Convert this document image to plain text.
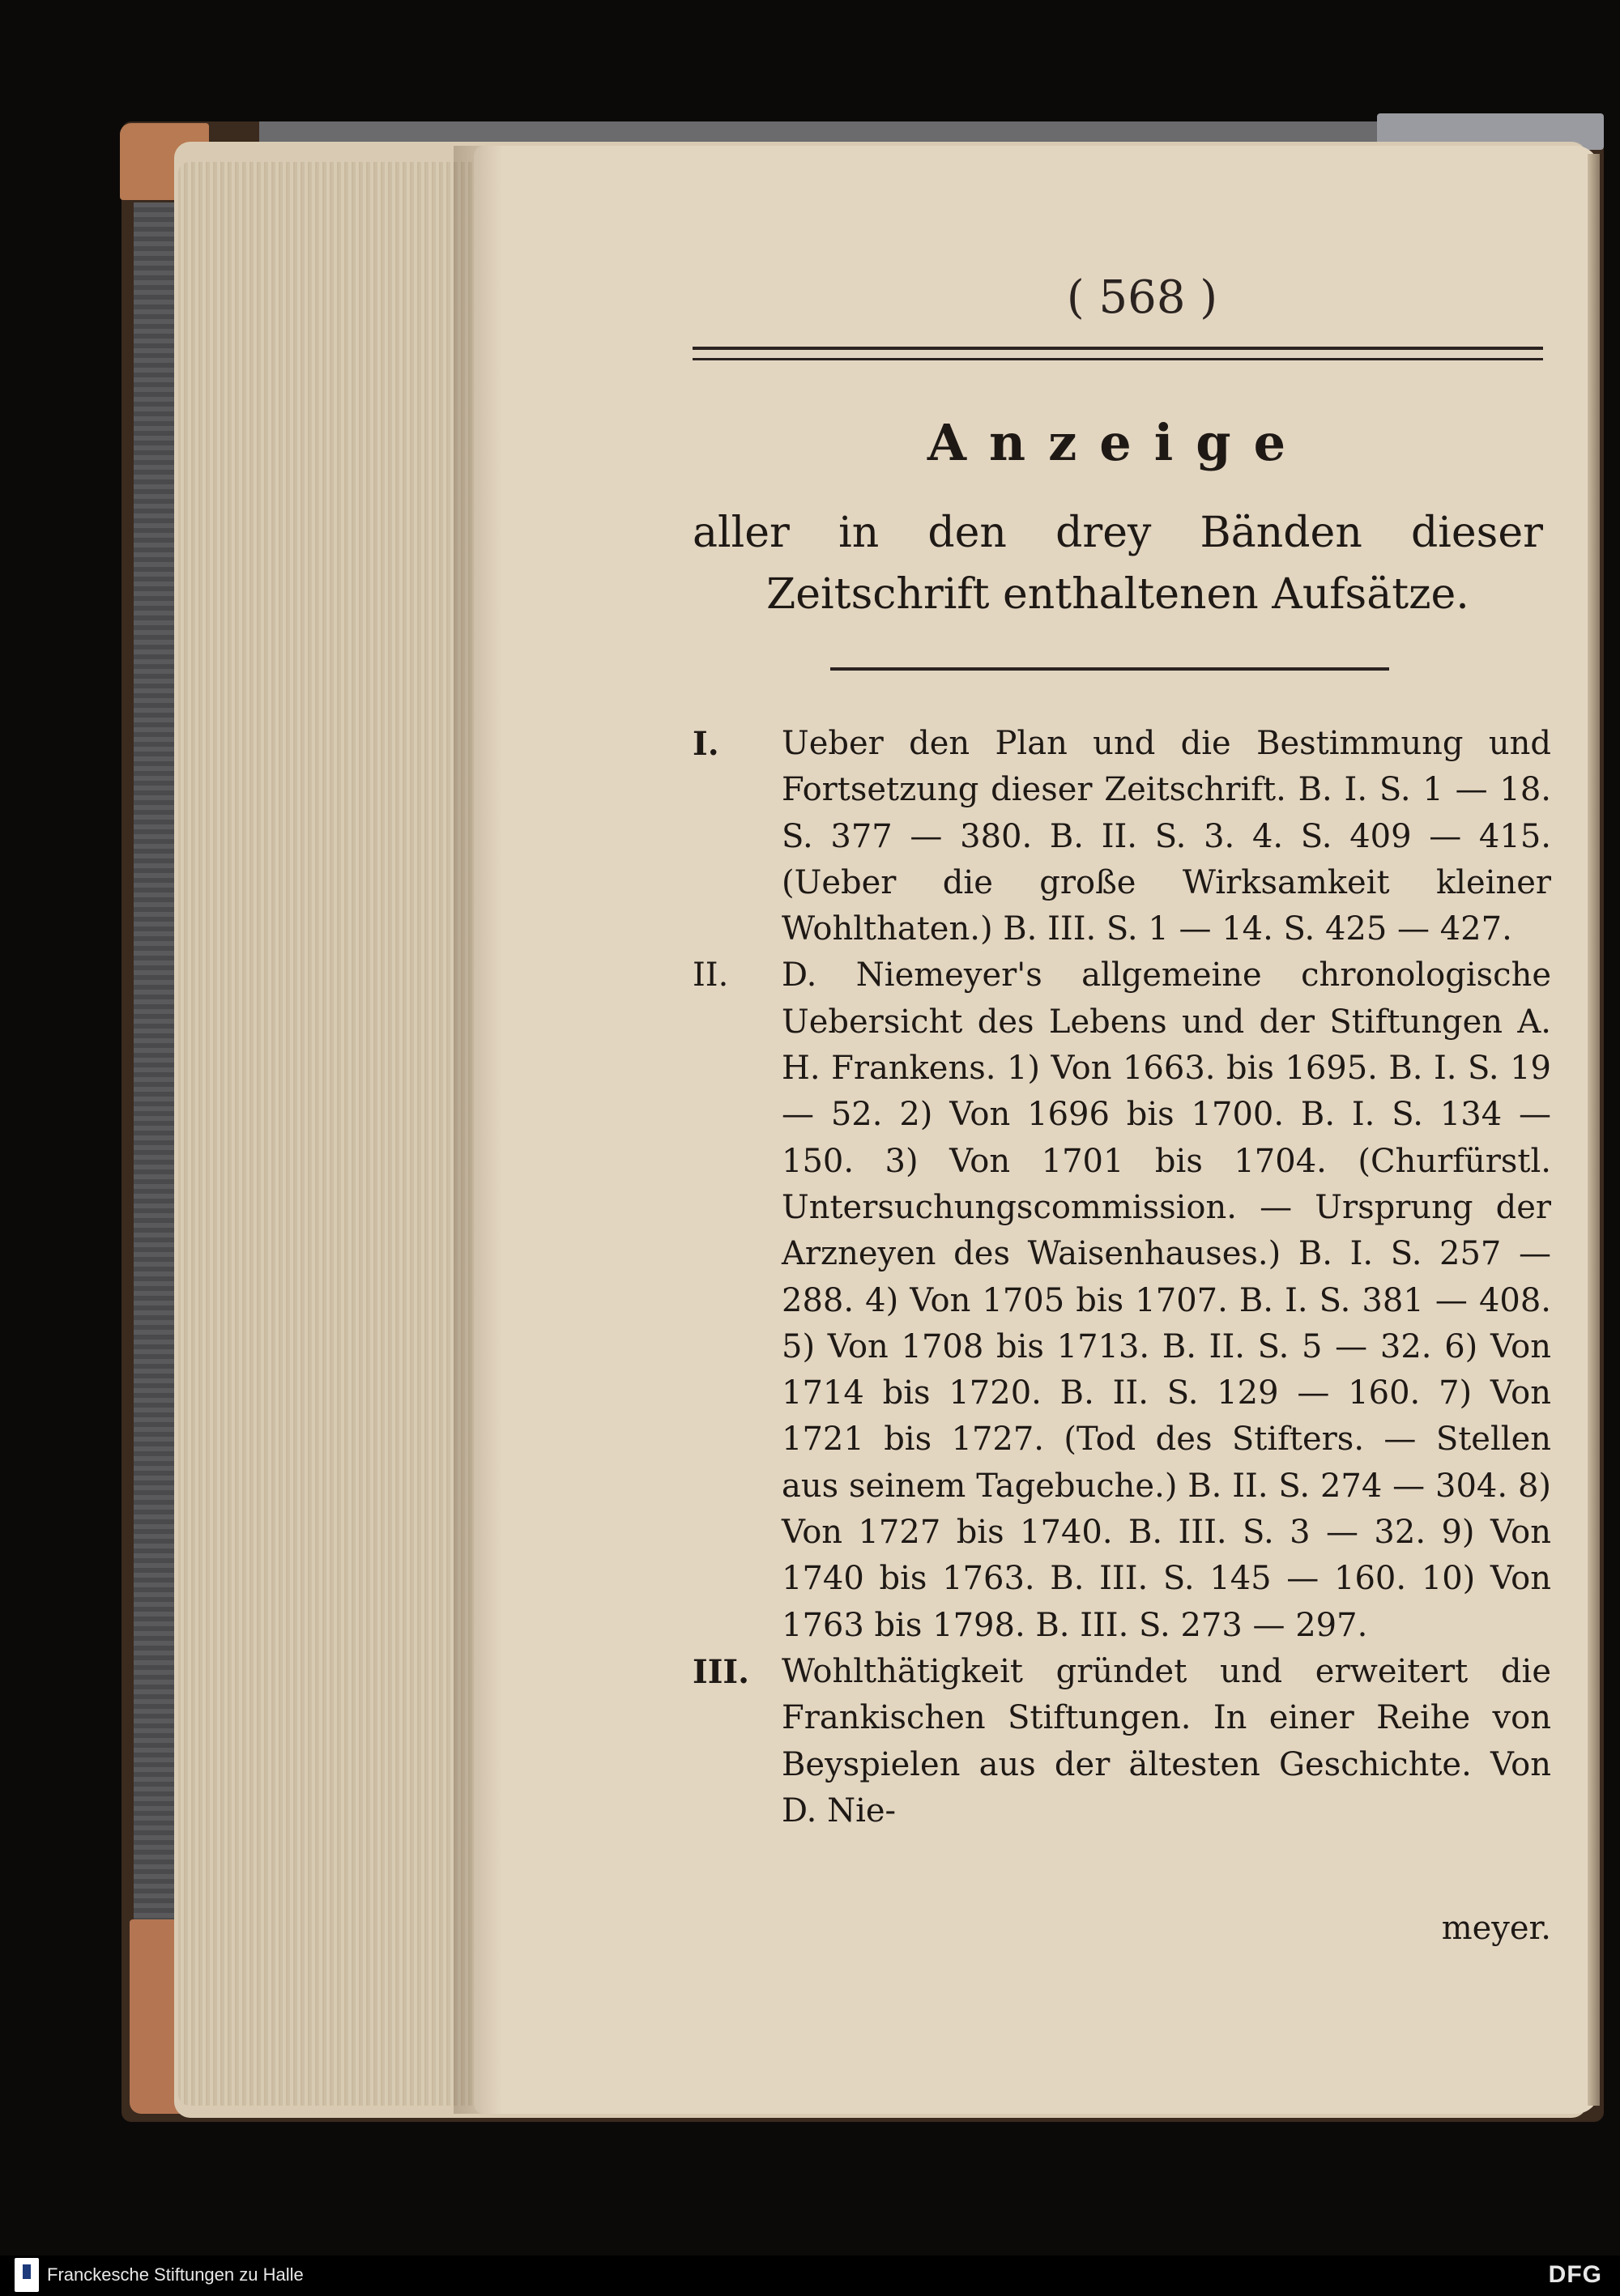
( 568 )
Anzeige
aller in den drey Bänden dieser Zeitschrift enthaltenen Aufsätze.
I.	Ueber den Plan und die Bestimmung und Fortsetzung dieser Zeitschrift. B. I. S. 1 — 18. S. 377 — 380. B. II. S. 3. 4. S. 409 — 415. (Ueber die große Wirksamkeit kleiner Wohlthaten.) B. III. S. 1 — 14. S. 425 — 427.
II.	D. Niemeyer's allgemeine chronologische Uebersicht des Lebens und der Stiftungen A. H. Frankens. 1) Von 1663. bis 1695. B. I. S. 19 — 52. 2) Von 1696 bis 1700. B. I. S. 134 — 150. 3) Von 1701 bis 1704. (Churfürstl. Untersuchungscommission. — Ursprung der Arzneyen des Waisenhauses.) B. I. S. 257 — 288. 4) Von 1705 bis 1707. B. I. S. 381 — 408. 5) Von 1708 bis 1713. B. II. S. 5 — 32. 6) Von 1714 bis 1720. B. II. S. 129 — 160. 7) Von 1721 bis 1727. (Tod des Stifters. — Stellen aus seinem Tagebuche.) B. II. S. 274 — 304. 8) Von 1727 bis 1740. B. III. S. 3 — 32. 9) Von 1740 bis 1763. B. III. S. 145 — 160. 10) Von 1763 bis 1798. B. III. S. 273 — 297.
III. Wohlthätigkeit gründet und erweitert die Frankischen Stiftungen. In einer Reihe von Beyspielen aus der ältesten Geschichte. Von D. Nie-
meyer.
Franckesche Stiftungen zu Halle	DFG
